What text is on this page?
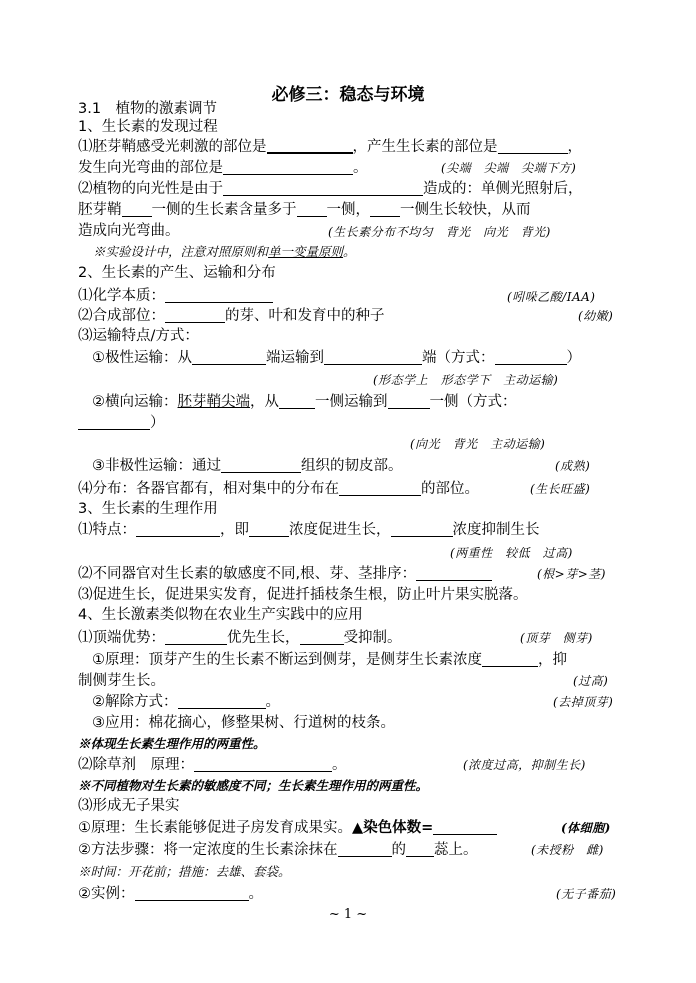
必修三：稳态与环境
3.1　植物的激素调节
1、生长素的发现过程
⑴胚芽鞘感受光刺激的部位是	，产生生长素的部位是	，
发生向光弯曲的部位是	。	(尖端　尖端　尖端下方)
⑵植物的向光性是由于	造成的：单侧光照射后，
胚芽鞘 一侧的生长素含量多于 一侧， 一侧生长较快，从而
造成向光弯曲。	(生长素分布不均匀　背光　向光　背光)
※实验设计中，注意对照原则和单一变量原则。
2、生长素的产生、运输和分布
⑴化学本质：	(吲哚乙酸/IAA)
⑵合成部位：	的芽、叶和发育中的种子	(幼嫩)
⑶运输特点/方式：
①极性运输：从	端运输到	端（方式：	）
(形态学上　形态学下　主动运输)
②横向运输：胚芽鞘尖端，从 一侧运输到	一侧（方式：
）
(向光　背光　主动运输)
③非极性运输：通过	组织的韧皮部。	(成熟)
⑷分布：各器官都有，相对集中的分布在	的部位。	(生长旺盛)
3、生长素的生理作用
⑴特点：	，即	浓度促进生长，	浓度抑制生长
(两重性　较低　过高)
⑵不同器官对生长素的敏感度不同,根、芽、茎排序：	(根>芽>茎)
⑶促进生长，促进果实发育，促进扦插枝条生根，防止叶片果实脱落。
4、生长激素类似物在农业生产实践中的应用
⑴顶端优势：	优先生长，	受抑制。	(顶芽　侧芽)
①原理：顶芽产生的生长素不断运到侧芽，是侧芽生长素浓度	，抑
制侧芽生长。	(过高)
②解除方式：	。	(去掉顶芽)
③应用：棉花摘心，修整果树、行道树的枝条。
※体现生长素生理作用的两重性。
⑵除草剂　原理：	。	(浓度过高，抑制生长)
※不同植物对生长素的敏感度不同；生长素生理作用的两重性。
⑶形成无子果实
①原理：生长素能够促进子房发育成果实。▲染色体数=	(体细胞)
②方法步骤：将一定浓度的生长素涂抹在	的 蕊上。	(未授粉　雌)
※时间：开花前；措施：去雄、套袋。
②实例：	。	(无子番茄)
~ 1 ~
